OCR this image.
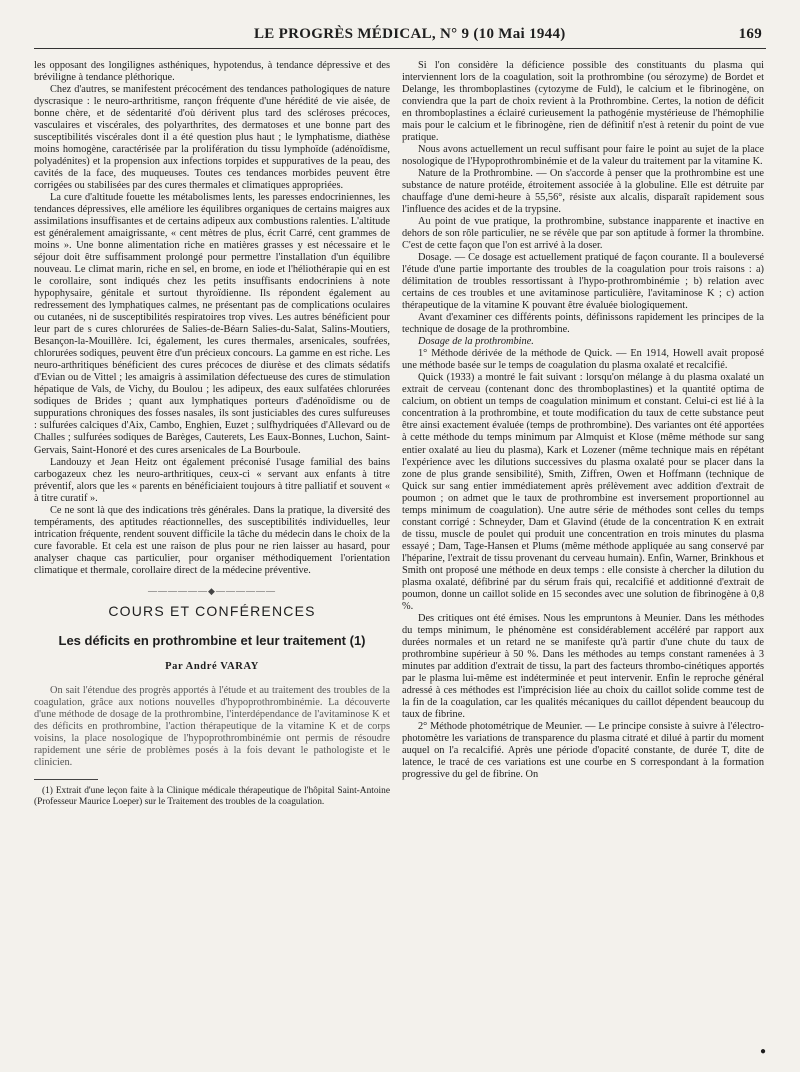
LE PROGRÈS MÉDICAL, N° 9 (10 Mai 1944)	169

les opposant des longilignes asthéniques, hypotendus, à tendance dépressive et des bréviligne à tendance pléthorique.

Chez d'autres, se manifestent précocément des tendances pathologiques de nature dyscrasique : le neuro-arthritisme, rançon fréquente d'une hérédité de vie aisée, de bonne chère, et de sédentarité d'où dérivent plus tard des scléroses précoces, vasculaires et viscérales, des polyarthrites, des dermatoses et une bonne part des susceptibilités viscérales dont il a été question plus haut ; le lymphatisme, diathèse moins homogène, caractérisée par la prolifération du tissu lymphoïde (adénoïdisme, polyadénites) et la propension aux infections torpides et suppuratives de la peau, des cavités de la face, des muqueuses. Toutes ces tendances morbides peuvent être corrigées ou stabilisées par des cures thermales et climatiques appropriées.

La cure d'altitude fouette les métabolismes lents, les paresses endocriniennes, les tendances dépressives, elle améliore les équilibres organiques de certains maigres aux assimilations insuffisantes et de certains adipeux aux combustions ralenties. L'altitude est généralement amaigrissante, « cent mètres de plus, écrit Carré, cent grammes de moins ». Une bonne alimentation riche en matières grasses y est nécessaire et le séjour doit être suffisamment prolongé pour permettre l'installation d'un équilibre nouveau. Le climat marin, riche en sel, en brome, en iode et l'héliothérapie qui en est le corollaire, sont indiqués chez les petits insuffisants endocriniens à note hypophysaire, génitale et surtout thyroïdienne. Ils répondent également au redressement des lymphatiques calmes, ne présentant pas de complications oculaires ou cutanées, ni de susceptibilités respiratoires trop vives. Les autres bénéficient pour leur part de s cures chlorurées de Salies-de-Béarn Salies-du-Salat, Salins-Moutiers, Besançon-la-Mouillère. Ici, également, les cures thermales, arsenicales, soufrées, chlorurées sodiques, peuvent être d'un précieux concours. La gamme en est riche. Les neuro-arthritiques bénéficient des cures précoces de diurèse et des climats sédatifs d'Evian ou de Vittel ; les amaigris à assimilation défectueuse des cures de stimulation hépatique de Vals, de Vichy, du Boulou ; les adipeux, des eaux sulfatées chlorurées sodiques de Brides ; quant aux lymphatiques porteurs d'adénoïdisme ou de suppurations chroniques des fosses nasales, ils sont justiciables des cures sulfureuses : sulfurées calciques d'Aix, Cambo, Enghien, Euzet ; sulfhydriquées d'Allevard ou de Challes ; sulfurées sodiques de Barèges, Cauterets, Les Eaux-Bonnes, Luchon, Saint-Gervais, Saint-Honoré et des cures arsenicales de La Bourboule.

Landouzy et Jean Heitz ont également préconisé l'usage familial des bains carbogazeux chez les neuro-arthritiques, ceux-ci « servant aux enfants à titre préventif, alors que les « parents en bénéficiaient toujours à titre palliatif et souvent « à titre curatif ».

Ce ne sont là que des indications très générales. Dans la pratique, la diversité des tempéraments, des aptitudes réactionnelles, des susceptibilités individuelles, leur intrication fréquente, rendent souvent difficile la tâche du médecin dans le choix de la cure favorable. Et cela est une raison de plus pour ne rien laisser au hasard, pour analyser chaque cas particulier, pour organiser méthodiquement l'orientation climatique et thermale, corollaire direct de la médecine préventive.

——————◆——————
COURS ET CONFÉRENCES
Les déficits en prothrombine et leur traitement (1)
Par André VARAY

On sait l'étendue des progrès apportés à l'étude et au traitement des troubles de la coagulation, grâce aux notions nouvelles d'hypoprothrombinémie. La découverte d'une méthode de dosage de la prothrombine, l'interdépendance de l'avitaminose K et des déficits en prothrombine, l'action thérapeutique de la vitamine K et de corps voisins, la place nosologique de l'hypoprothrombinémie ont permis de résoudre rapidement une série de problèmes posés à la fois devant le pathologiste et le clinicien.

(1) Extrait d'une leçon faite à la Clinique médicale thérapeutique de l'hôpital Saint-Antoine (Professeur Maurice Loeper) sur le Traitement des troubles de la coagulation.

Si l'on considère la déficience possible des constituants du plasma qui interviennent lors de la coagulation, soit la prothrombine (ou sérozyme) de Bordet et Delange, les thromboplastines (cytozyme de Fuld), le calcium et le fibrinogène, on conviendra que la part de choix revient à la Prothrombine. Certes, la notion de déficit en thromboplastines a éclairé curieusement la pathogénie mystérieuse de l'hémophilie mais pour le calcium et le fibrinogène, rien de définitif n'est à retenir du point de vue pratique.

Nous avons actuellement un recul suffisant pour faire le point au sujet de la place nosologique de l'Hypoprothrombinémie et de la valeur du traitement par la vitamine K.

Nature de la Prothrombine. — On s'accorde à penser que la prothrombine est une substance de nature protéide, étroitement associée à la globuline. Elle est détruite par chauffage d'une demi-heure à 55,56°, résiste aux alcalis, disparaît rapidement sous l'influence des acides et de la trypsine.

Au point de vue pratique, la prothrombine, substance inapparente et inactive en dehors de son rôle particulier, ne se révèle que par son aptitude à former la thrombine. C'est de cette façon que l'on est arrivé à la doser.

Dosage. — Ce dosage est actuellement pratiqué de façon courante. Il a bouleversé l'étude d'une partie importante des troubles de la coagulation pour trois raisons : a) délimitation de troubles ressortissant à l'hypo-prothrombinémie ; b) relation avec certains de ces troubles et une avitaminose particulière, l'avitaminose K ; c) action thérapeutique de la vitamine K pouvant être évaluée biologiquement.

Avant d'examiner ces différents points, définissons rapidement les principes de la technique de dosage de la prothrombine.

Dosage de la prothrombine.

1° Méthode dérivée de la méthode de Quick. — En 1914, Howell avait proposé une méthode basée sur le temps de coagulation du plasma oxalaté et recalcifié.

Quick (1933) a montré le fait suivant : lorsqu'on mélange à du plasma oxalaté un extrait de cerveau (contenant donc des thromboplastines) et la quantité optima de calcium, on obtient un temps de coagulation minimum et constant. Celui-ci est lié à la concentration à la prothrombine, et toute modification du taux de cette substance peut être ainsi exactement évaluée (temps de prothrombine). Des variantes ont été apportées à cette méthode du temps minimum par Almquist et Klose (même méthode sur sang entier oxalaté au lieu du plasma), Kark et Lozener (même technique mais en répétant l'expérience avec les dilutions successives du plasma oxalaté pour se placer dans la zone de plus grande sensibilité), Smith, Ziffren, Owen et Hoffmann (technique de Quick sur sang entier immédiatement après prélèvement avec addition d'extrait de poumon ; on admet que le taux de prothrombine est inversement proportionnel au temps minimum de coagulation). Une autre série de méthodes sont celles du temps constant corrigé : Schneyder, Dam et Glavind (étude de la concentration K en extrait de tissu, muscle de poulet qui produit une concentration en trois minutes du plasma essayé ; Dam, Tage-Hansen et Plums (même méthode appliquée au sang conservé par l'héparine, l'extrait de tissu provenant du cerveau humain). Enfin, Warner, Brinkhous et Smith ont proposé une méthode en deux temps : elle consiste à chercher la dilution du plasma oxalaté, défibriné par du sérum frais qui, recalcifié et additionné d'extrait de poumon, donne un caillot solide en 15 secondes avec une solution de fibrinogène à 0,8 %.

Des critiques ont été émises. Nous les empruntons à Meunier. Dans les méthodes du temps minimum, le phénomène est considérablement accéléré par rapport aux durées normales et un retard ne se manifeste qu'à partir d'une chute du taux de prothrombine supérieur à 50 %. Dans les méthodes au temps constant ramenées à 3 minutes par addition d'extrait de tissu, la part des facteurs thrombo-cinétiques apportés par le plasma lui-même est indéterminée et peut intervenir. Enfin le reproche général adressé à ces méthodes est l'imprécision liée au choix du caillot solide comme test de la fin de la coagulation, car les qualités mécaniques du caillot dépendent beaucoup du taux de fibrine.

2° Méthode photométrique de Meunier. — Le principe consiste à suivre à l'électro-photomètre les variations de transparence du plasma citraté et dilué à partir du moment auquel on l'a recalcifié. Après une période d'opacité constante, de durée T, dite de latence, le tracé de ces variations est une courbe en S correspondant à la formation progressive du gel de fibrine. On

●
